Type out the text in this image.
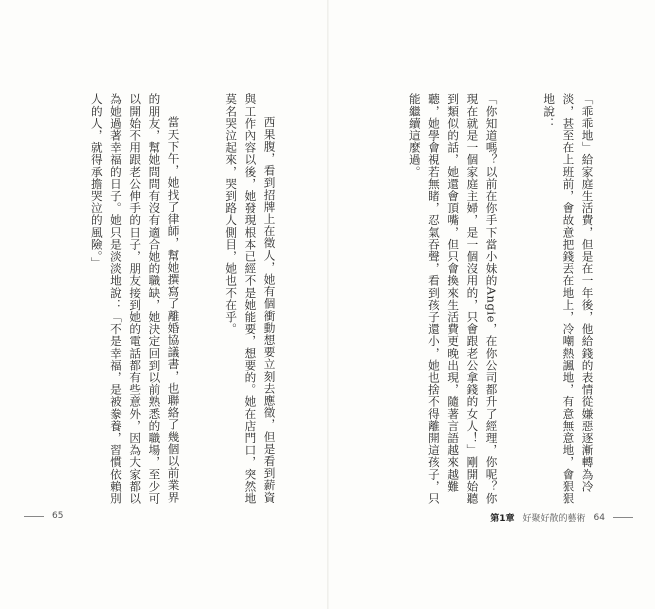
西果腹，看到招牌上在徵人，她有個衝動想要立刻去應徵，但是看到薪資與工作內容以後，她發現根本已經不是她能要，想要的。她在店門口，突然地莫名哭泣起來，哭到路人側目，她也不在乎。

當天下午，她找了律師，幫她撰寫了離婚協議書，也聯絡了幾個以前業界的朋友，幫她問問有沒有適合她的職缺，她決定回到以前熟悉的職場，至少可以開始不用跟老公伸手的日子，朋友接到她的電話都有些意外，因為大家都以為她過著幸福的日子。她只是淡淡地說：「不是幸福，是被豢養，習慣依賴別人的人，就得承擔哭泣的風險。」

65

「乖乖地」給家庭生活費，但是在一年後，他給錢的表情從嫌惡逐漸轉為冷淡，甚至在上班前，會故意把錢丟在地上，冷嘲熱諷地，有意無意地，會狠狠地說：

「你知道嗎？以前在你手下當小妹的Angie，在你公司都升了經理，你呢？你現在就是一個家庭主婦，是一個沒用的，只會跟老公拿錢的女人！」剛開始聽到類似的話，她還會頂嘴，但只會換來生活費更晚出現，隨著言語越來越難聽，她學會視若無睹，忍氣吞聲，看到孩子還小，她也捨不得離開這孩子，只能繼續這麼過。

第1章 好聚好散的藝術 64
